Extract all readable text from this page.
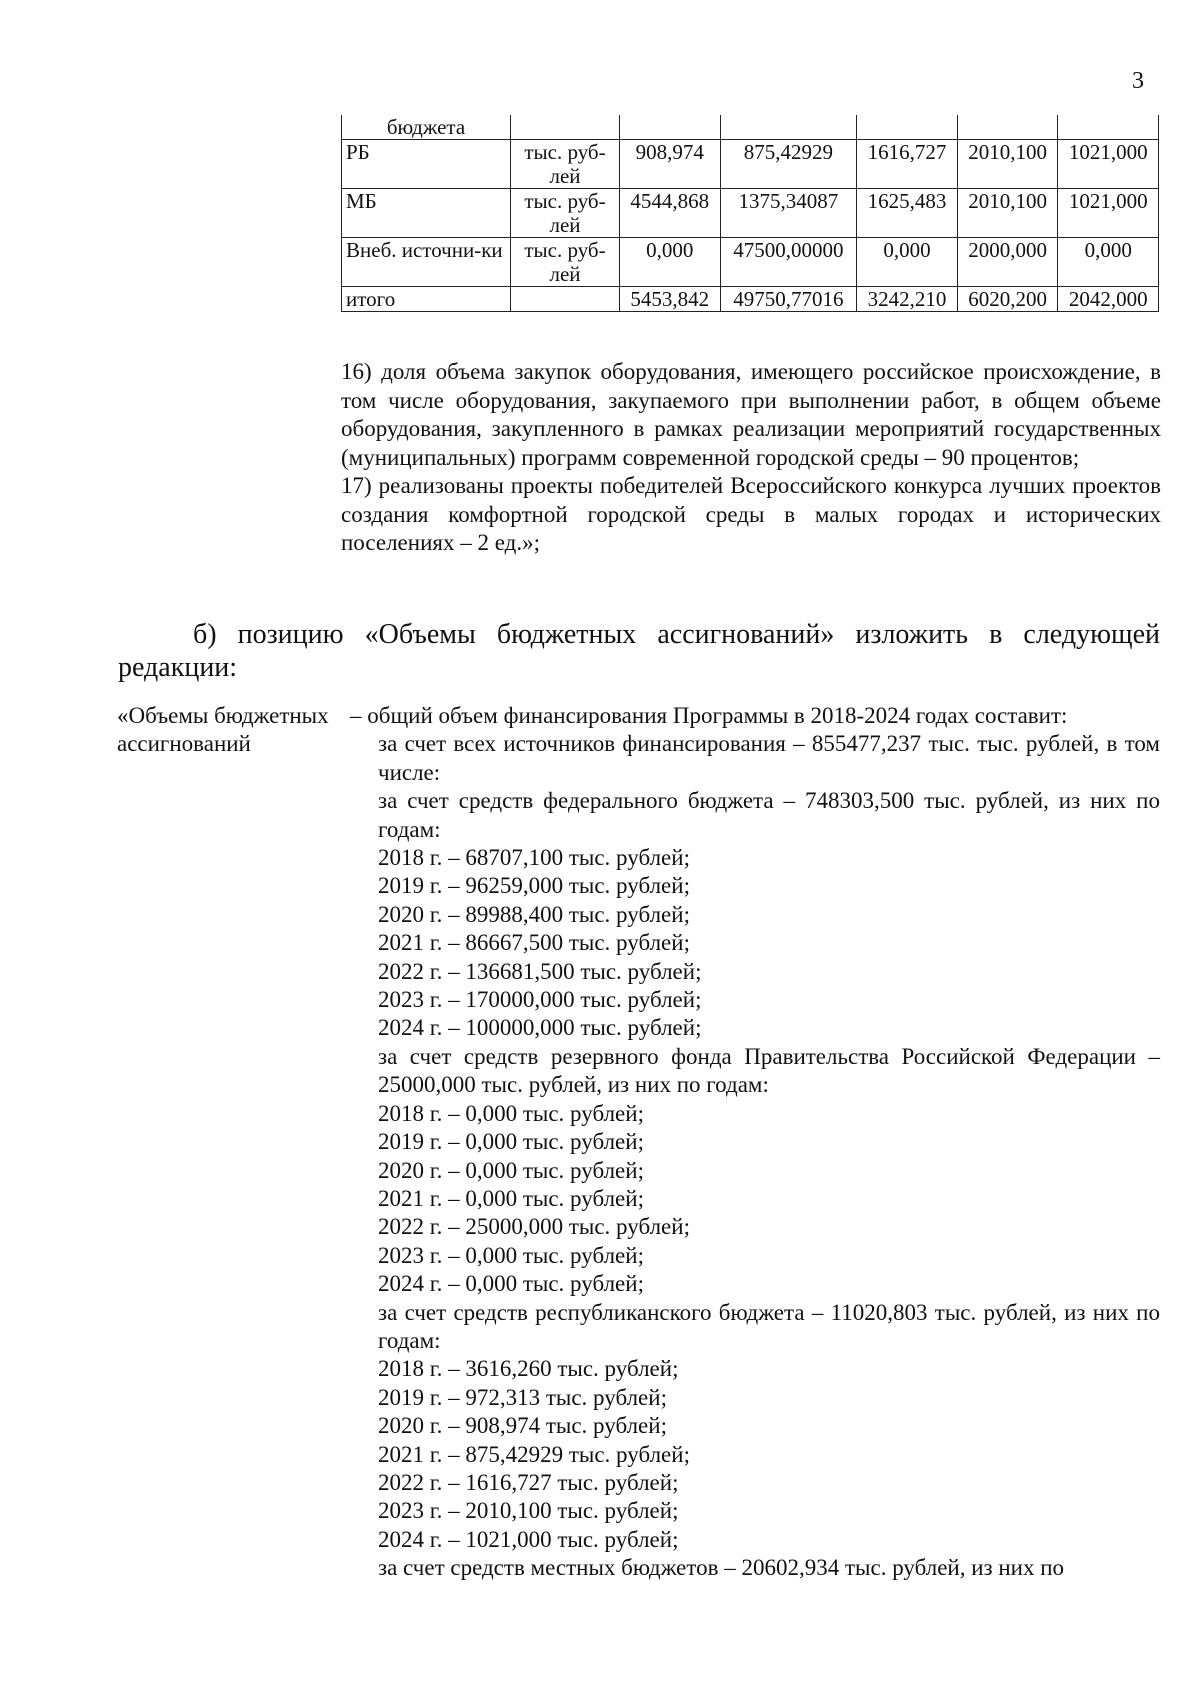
3
бюджета						
РБ	тыс. руб-лей	908,974	875,42929	1616,727	2010,100	1021,000
МБ	тыс. руб-лей	4544,868	1375,34087	1625,483	2010,100	1021,000
Внеб. источни-ки	тыс. руб-лей	0,000	47500,00000	0,000	2000,000	0,000
итого		5453,842	49750,77016	3242,210	6020,200	2042,000

16) доля объема закупок оборудования, имеющего российское происхождение, в том числе оборудования, закупаемого при выполнении работ, в общем объеме оборудования, закупленного в рамках реализации мероприятий государственных (муниципальных) программ современной городской среды – 90 процентов;

17) реализованы проекты победителей Всероссийского конкурса лучших проектов создания комфортной городской среды в малых городах и исторических поселениях – 2 ед.»;

б) позицию «Объемы бюджетных ассигнований» изложить в следующей редакции:
«Объемы бюджетных ассигнований
– общий объем финансирования Программы в 2018-2024 годах составит:
за счет всех источников финансирования – 855477,237 тыс. тыс. рублей, в том числе:
за счет средств федерального бюджета – 748303,500 тыс. рублей, из них по годам:
2018 г. – 68707,100 тыс. рублей;
2019 г. – 96259,000 тыс. рублей;
2020 г. – 89988,400 тыс. рублей;
2021 г. – 86667,500 тыс. рублей;
2022 г. – 136681,500 тыс. рублей;
2023 г. – 170000,000 тыс. рублей;
2024 г. – 100000,000 тыс. рублей;
за счет средств резервного фонда Правительства Российской Федерации – 25000,000 тыс. рублей, из них по годам:
2018 г. – 0,000 тыс. рублей;
2019 г. – 0,000 тыс. рублей;
2020 г. – 0,000 тыс. рублей;
2021 г. – 0,000 тыс. рублей;
2022 г. – 25000,000 тыс. рублей;
2023 г. – 0,000 тыс. рублей;
2024 г. – 0,000 тыс. рублей;
за счет средств республиканского бюджета – 11020,803 тыс. рублей, из них по годам:
2018 г. – 3616,260 тыс. рублей;
2019 г. – 972,313 тыс. рублей;
2020 г. – 908,974 тыс. рублей;
2021 г. – 875,42929 тыс. рублей;
2022 г. – 1616,727 тыс. рублей;
2023 г. – 2010,100 тыс. рублей;
2024 г. – 1021,000 тыс. рублей;
за счет средств местных бюджетов – 20602,934 тыс. рублей, из них по
